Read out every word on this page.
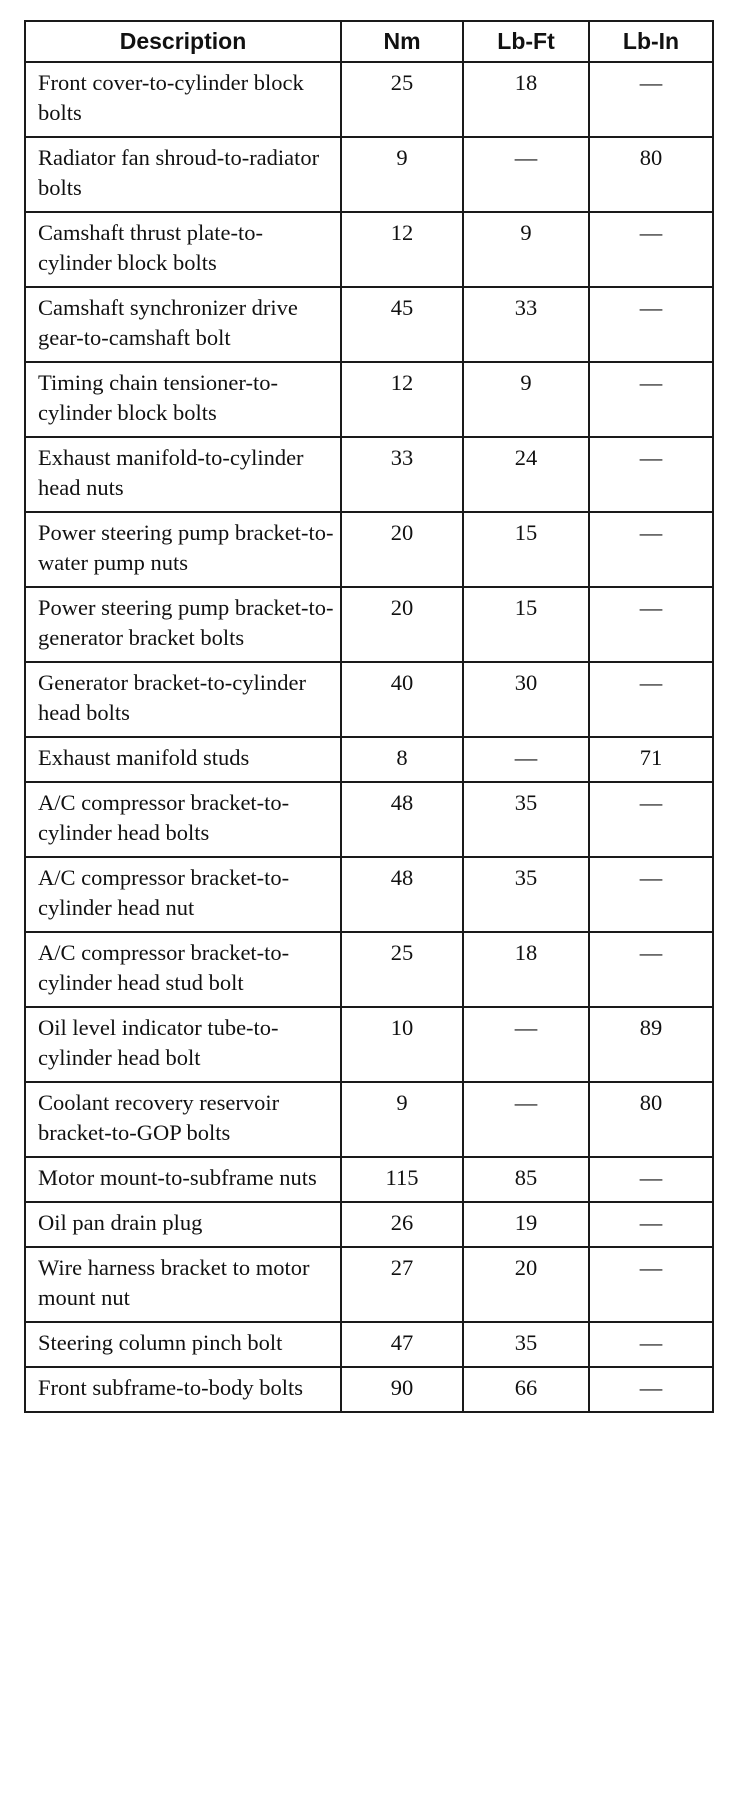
Description	Nm	Lb-Ft	Lb-In
Front cover-to-cylinder block bolts	25	18	—
Radiator fan shroud-to-radiator bolts	9	—	80
Camshaft thrust plate-to-cylinder block bolts	12	9	—
Camshaft synchronizer drive gear-to-camshaft bolt	45	33	—
Timing chain tensioner-to-cylinder block bolts	12	9	—
Exhaust manifold-to-cylinder head nuts	33	24	—
Power steering pump bracket-to-water pump nuts	20	15	—
Power steering pump bracket-to-generator bracket bolts	20	15	—
Generator bracket-to-cylinder head bolts	40	30	—
Exhaust manifold studs	8	—	71
A/C compressor bracket-to-cylinder head bolts	48	35	—
A/C compressor bracket-to-cylinder head nut	48	35	—
A/C compressor bracket-to-cylinder head stud bolt	25	18	—
Oil level indicator tube-to-cylinder head bolt	10	—	89
Coolant recovery reservoir bracket-to-GOP bolts	9	—	80
Motor mount-to-subframe nuts	115	85	—
Oil pan drain plug	26	19	—
Wire harness bracket to motor mount nut	27	20	—
Steering column pinch bolt	47	35	—
Front subframe-to-body bolts	90	66	—
